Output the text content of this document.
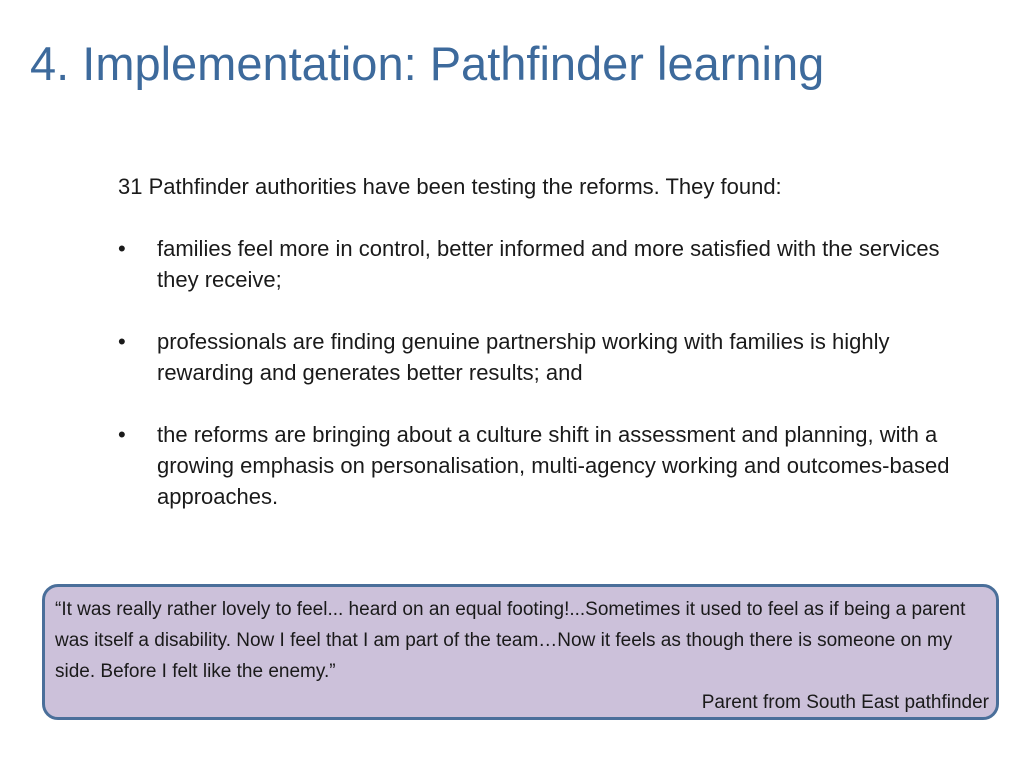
4. Implementation: Pathfinder learning

31 Pathfinder authorities have been testing the reforms. They found:

• families feel more in control, better informed and more satisfied with the services they receive;
• professionals are finding genuine partnership working with families is highly rewarding and generates better results; and
• the reforms are bringing about a culture shift in assessment and planning, with a growing emphasis on personalisation, multi-agency working and outcomes-based approaches.

“It was really rather lovely to feel... heard on an equal footing!...Sometimes it used to feel as if being a parent was itself a disability. Now I feel that I am part of the team…Now it feels as though there is someone on my side. Before I felt like the enemy.”

Parent from South East pathfinder
